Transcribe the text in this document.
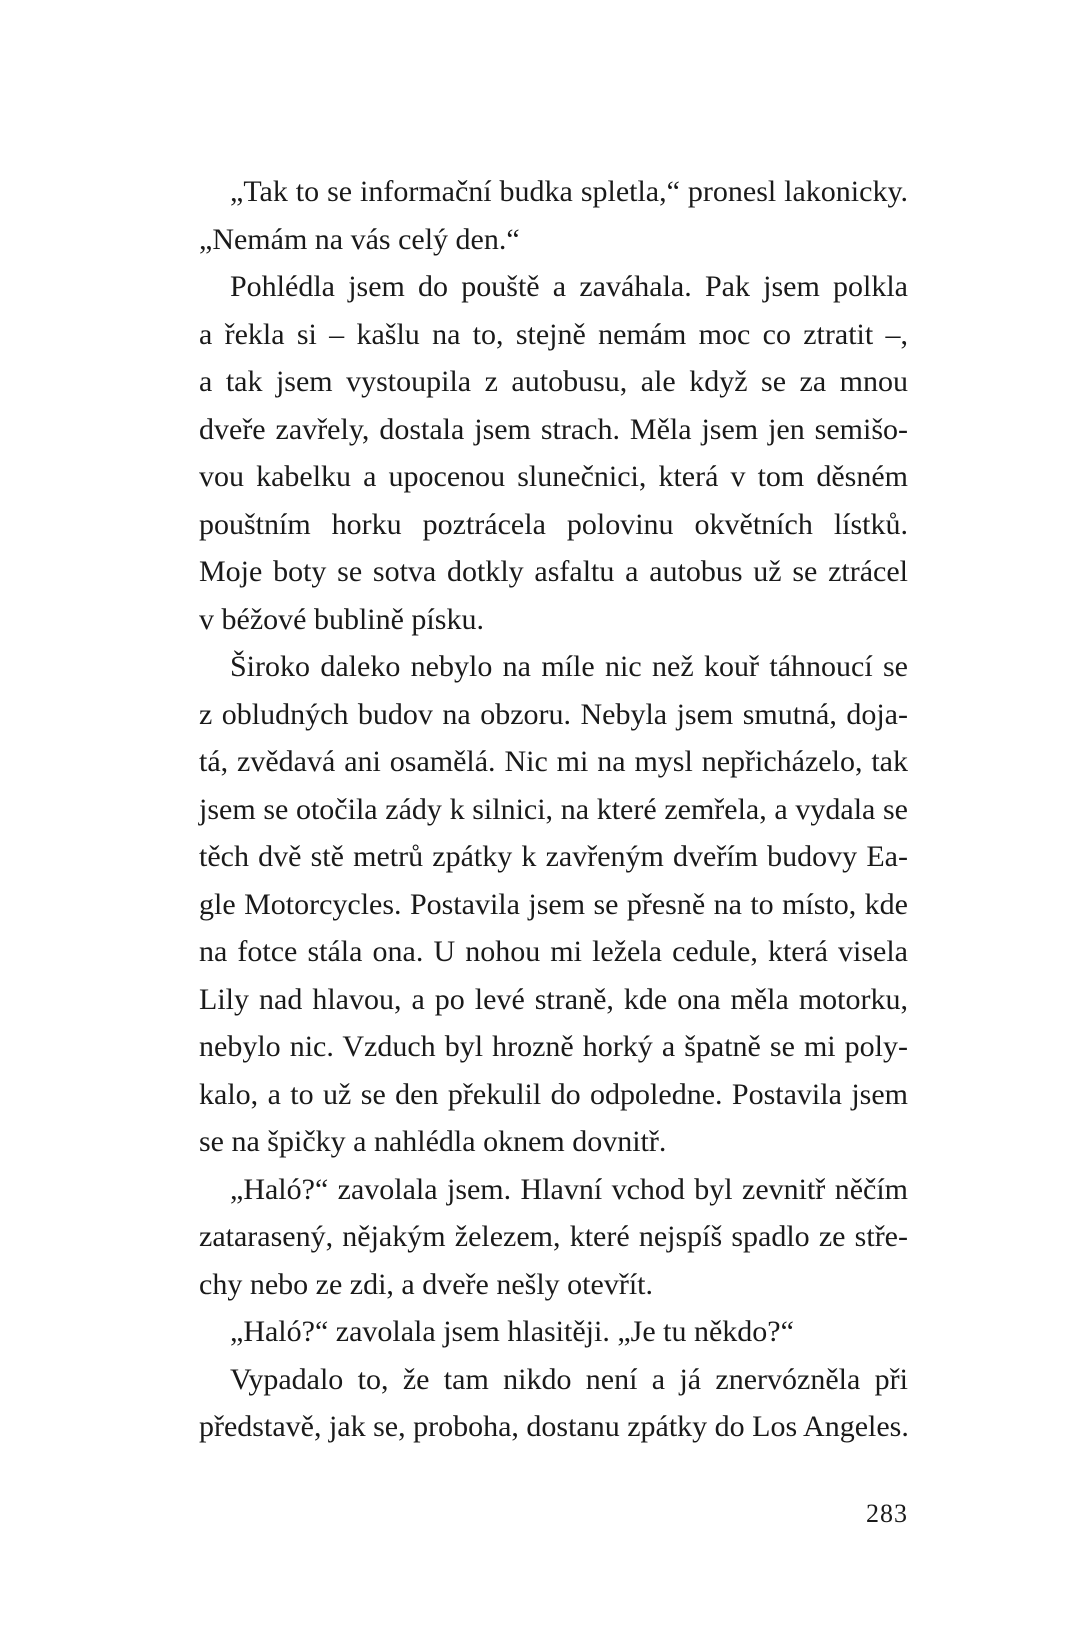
„Tak to se informační budka spletla,“ pronesl lakonicky.
„Nemám na vás celý den.“
Pohlédla jsem do pouště a zaváhala. Pak jsem polkla
a řekla si – kašlu na to, stejně nemám moc co ztratit –,
a tak jsem vystoupila z autobusu, ale když se za mnou
dveře zavřely, dostala jsem strach. Měla jsem jen semišo-
vou kabelku a upocenou slunečnici, která v tom děsném
pouštním horku poztrácela polovinu okvětních lístků.
Moje boty se sotva dotkly asfaltu a autobus už se ztrácel
v béžové bublině písku.
Široko daleko nebylo na míle nic než kouř táhnoucí se
z obludných budov na obzoru. Nebyla jsem smutná, doja-
tá, zvědavá ani osamělá. Nic mi na mysl nepřicházelo, tak
jsem se otočila zády k silnici, na které zemřela, a vydala se
těch dvě stě metrů zpátky k zavřeným dveřím budovy Ea-
gle Motorcycles. Postavila jsem se přesně na to místo, kde
na fotce stála ona. U nohou mi ležela cedule, která visela
Lily nad hlavou, a po levé straně, kde ona měla motorku,
nebylo nic. Vzduch byl hrozně horký a špatně se mi poly-
kalo, a to už se den překulil do odpoledne. Postavila jsem
se na špičky a nahlédla oknem dovnitř.
„Haló?“ zavolala jsem. Hlavní vchod byl zevnitř něčím
zatarasený, nějakým železem, které nejspíš spadlo ze stře-
chy nebo ze zdi, a dveře nešly otevřít.
„Haló?“ zavolala jsem hlasitěji. „Je tu někdo?“
Vypadalo to, že tam nikdo není a já znervózněla při
představě, jak se, proboha, dostanu zpátky do Los Angeles.
283
